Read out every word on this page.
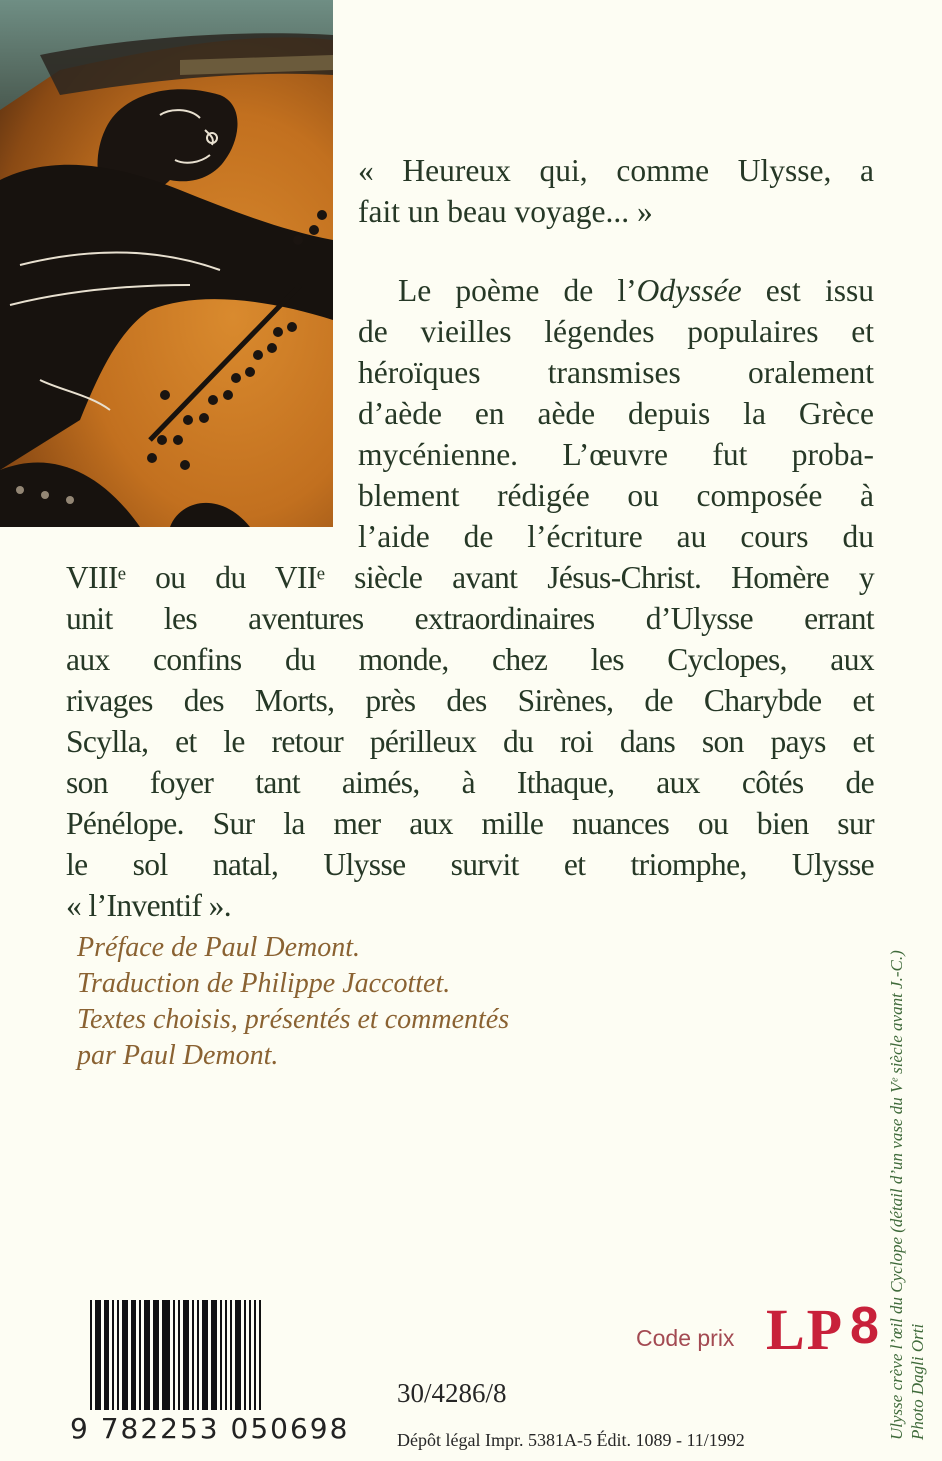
« Heureux qui, comme Ulysse, a
fait un beau voyage... »
Le poème de l’Odyssée est issu
de vieilles légendes populaires et
héroïques transmises oralement
d’aède en aède depuis la Grèce
mycénienne. L’œuvre fut proba-
blement rédigée ou composée à
l’aide de l’écriture au cours du
VIIIᵉ ou du VIIᵉ siècle avant Jésus-Christ. Homère y
unit les aventures extraordinaires d’Ulysse errant
aux confins du monde, chez les Cyclopes, aux
rivages des Morts, près des Sirènes, de Charybde et
Scylla, et le retour périlleux du roi dans son pays et
son foyer tant aimés, à Ithaque, aux côtés de
Pénélope. Sur la mer aux mille nuances ou bien sur
le sol natal, Ulysse survit et triomphe, Ulysse
« l’Inventif ».
Préface de Paul Demont.
Traduction de Philippe Jaccottet.
Textes choisis, présentés et commentés
par Paul Demont.	Ulysse crève l’œil du Cyclope (détail d’un vase du Vᵉ siècle avant J.-C.) Photo Dagli Orti
9 782253 050698
Code prix LP 8
30/4286/8
Dépôt légal Impr. 5381A-5 Édit. 1089 - 11/1992
